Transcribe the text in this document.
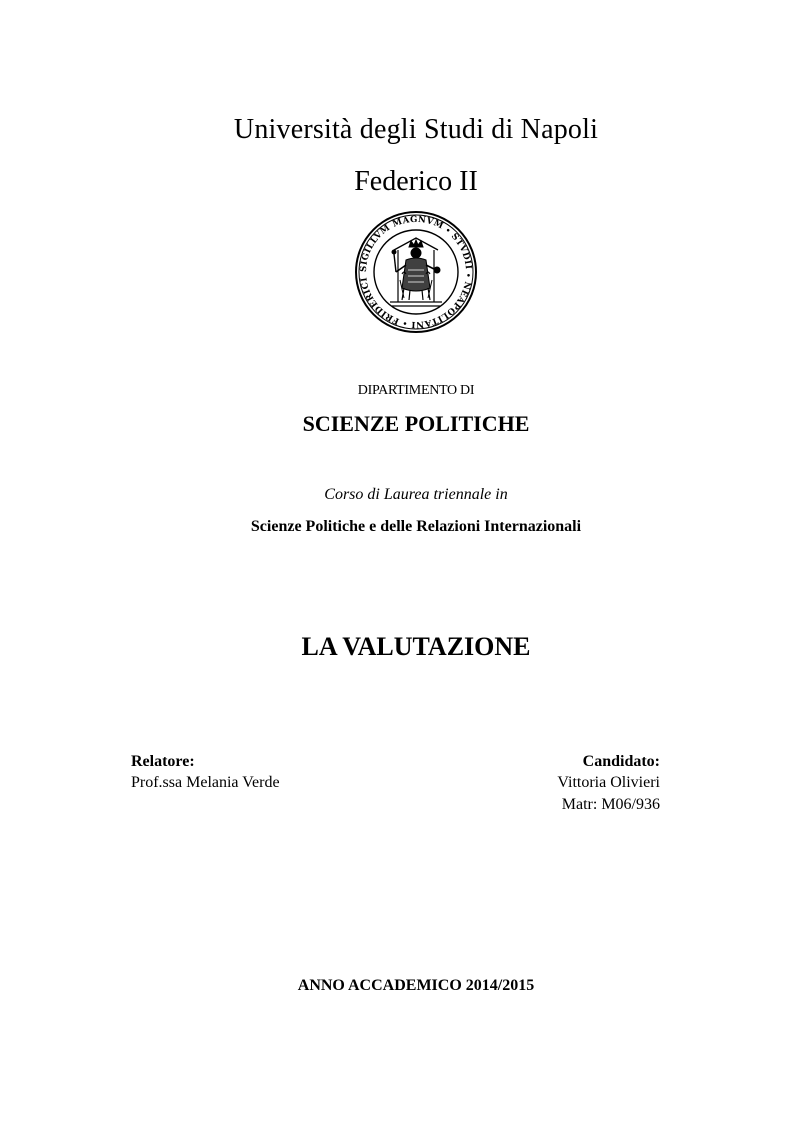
Università degli Studi di Napoli
Federico II
SIGILLVM MAGNVM ∙ STVDII ∙ NEAPOLITANI ∙ FRIDERICI
DIPARTIMENTO DI
SCIENZE POLITICHE
Corso di Laurea triennale in
Scienze Politiche e delle Relazioni Internazionali
LA VALUTAZIONE
Relatore:
Prof.ssa Melania Verde
Candidato:
Vittoria Olivieri
Matr: M06/936
ANNO ACCADEMICO 2014/2015
